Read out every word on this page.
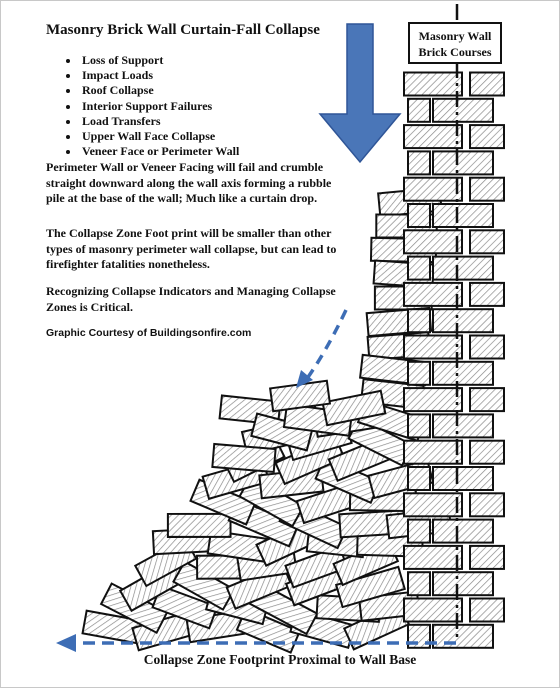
Masonry Brick Wall Curtain-Fall Collapse
• Loss of Support
• Impact Loads
• Roof Collapse
• Interior Support Failures
• Load Transfers
• Upper Wall Face Collapse
• Veneer Face or Perimeter Wall

Perimeter Wall or Veneer Facing will fail and crumble straight downward along the wall axis forming a rubble pile at the base of the wall; Much like a curtain drop.

The Collapse Zone Foot print will be smaller than other types of masonry perimeter wall collapse, but can lead to firefighter fatalities nonetheless.

Recognizing Collapse Indicators and Managing Collapse Zones is Critical.

Graphic Courtesy of Buildingsonfire.com

Masonry Wall
Brick Courses

Collapse Zone Footprint Proximal to Wall Base
